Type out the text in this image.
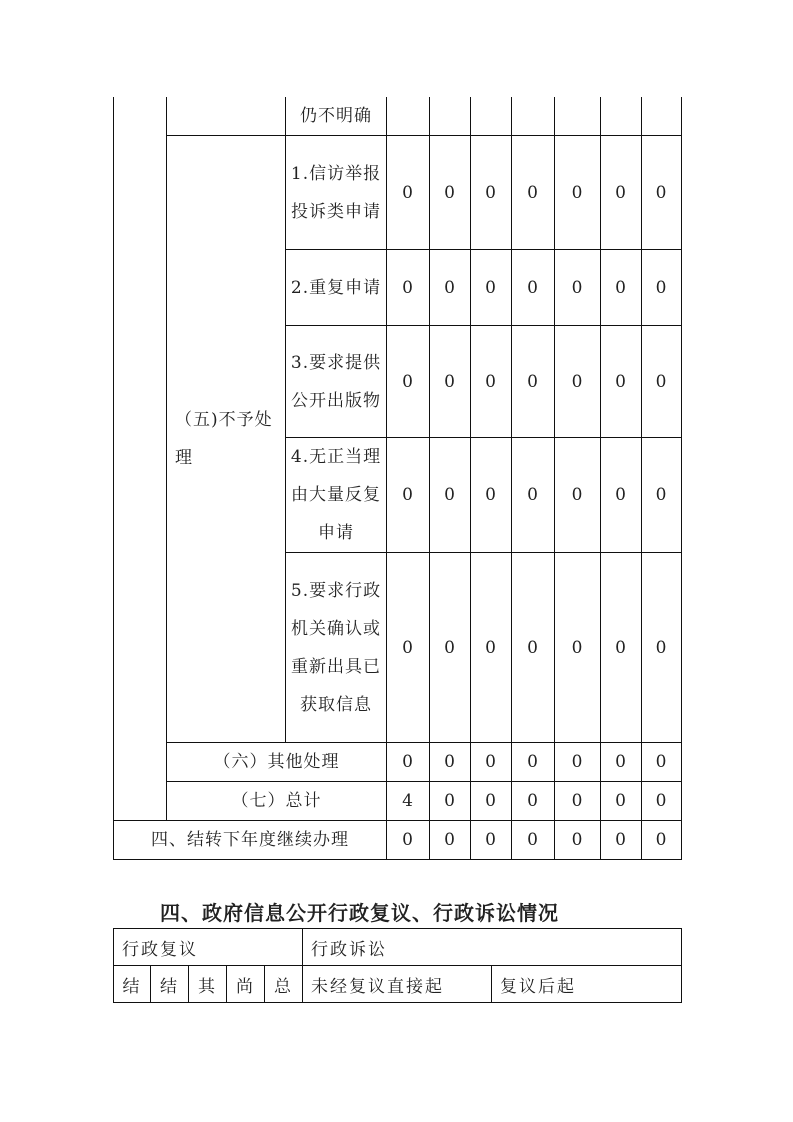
		仍不明确							
	（五)不予处理	1.信访举报投诉类申请	0	0	0	0	0	0	0
		2.重复申请	0	0	0	0	0	0	0
		3.要求提供公开出版物	0	0	0	0	0	0	0
		4.无正当理由大量反复申请	0	0	0	0	0	0	0
		5.要求行政机关确认或重新出具已获取信息	0	0	0	0	0	0	0
	（六）其他处理		0	0	0	0	0	0	0
	（七）总计		4	0	0	0	0	0	0
四、结转下年度继续办理			0	0	0	0	0	0	0
四、政府信息公开行政复议、行政诉讼情况
行政复议					行政诉讼	
结	结	其	尚	总	未经复议直接起	复议后起
